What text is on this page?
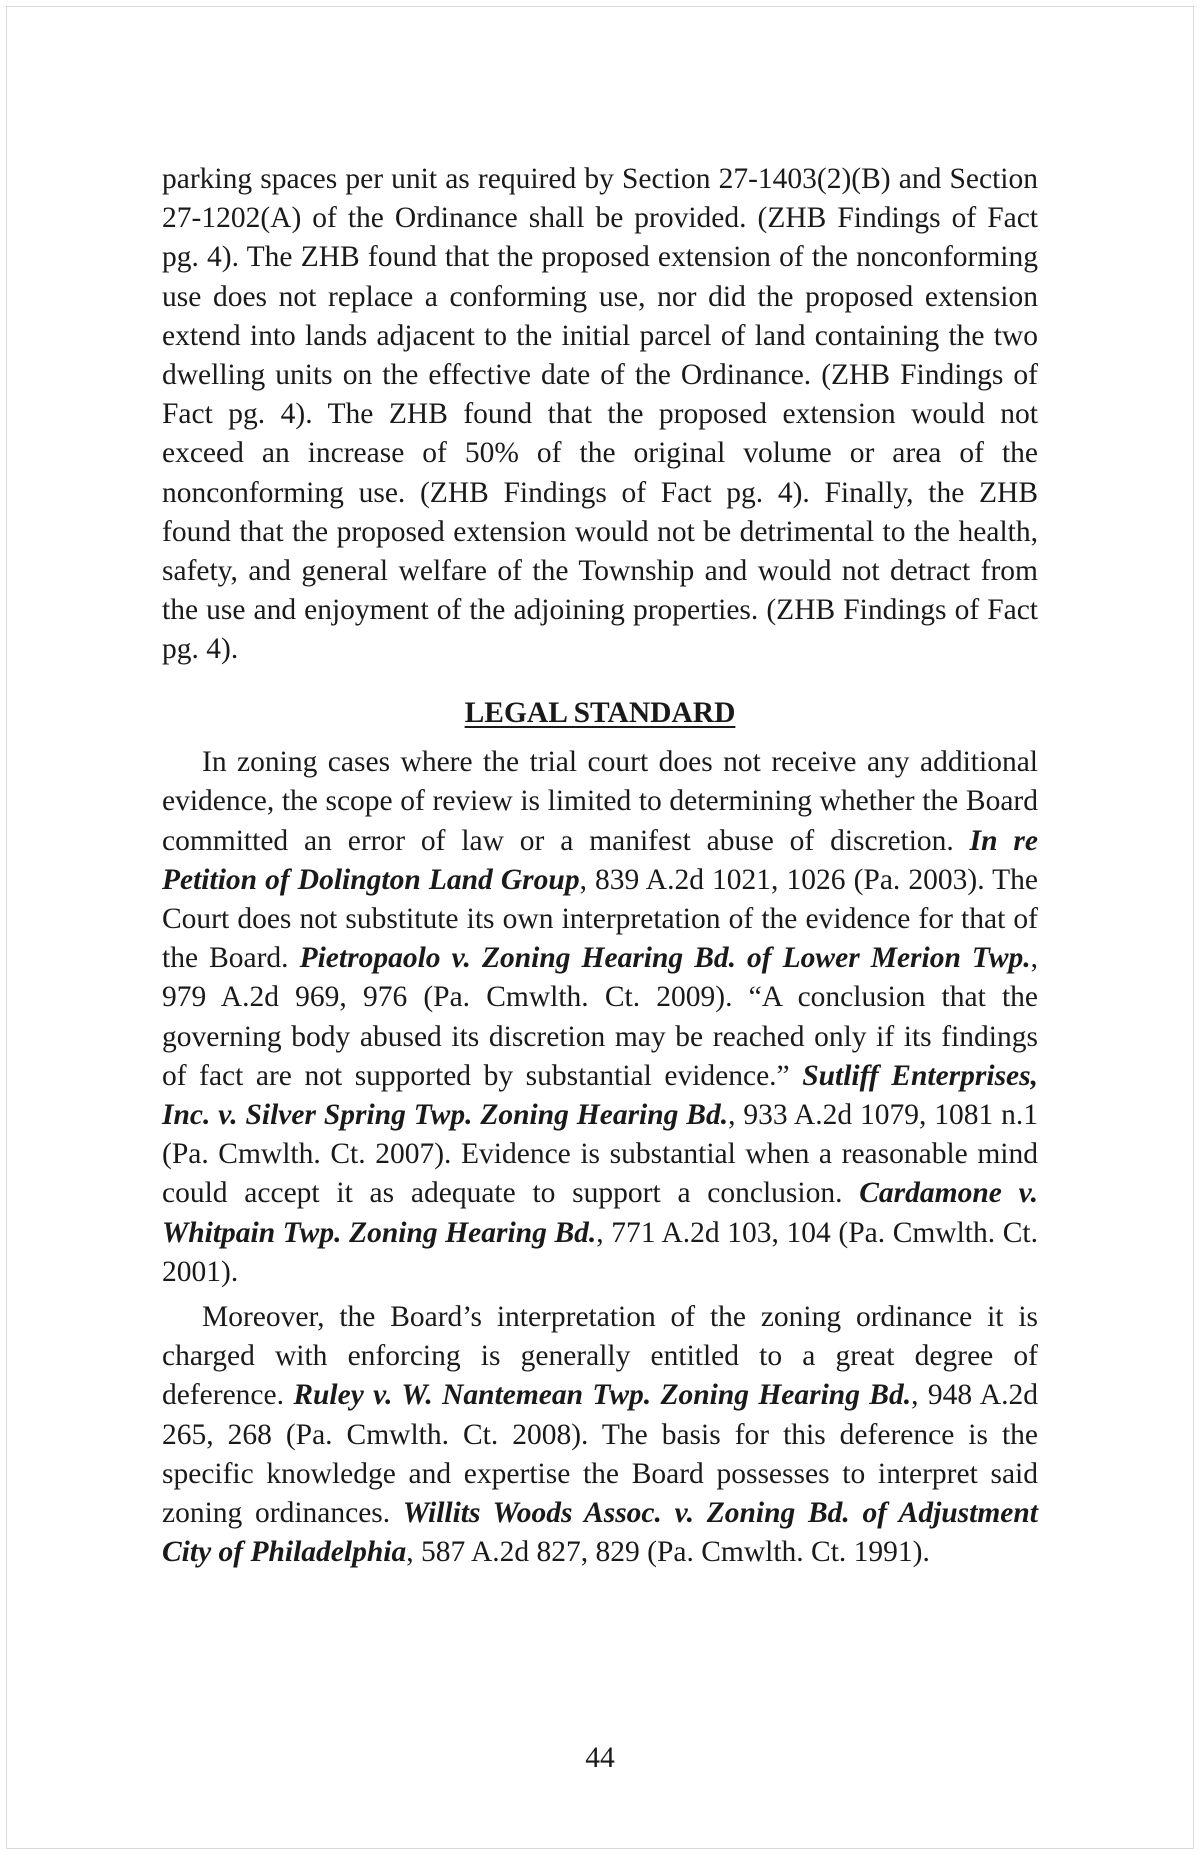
parking spaces per unit as required by Section 27-1403(2)(B) and Section 27-1202(A) of the Ordinance shall be provided. (ZHB Findings of Fact pg. 4). The ZHB found that the proposed extension of the nonconforming use does not replace a conforming use, nor did the proposed extension extend into lands adjacent to the initial parcel of land containing the two dwelling units on the effective date of the Ordinance. (ZHB Findings of Fact pg. 4). The ZHB found that the proposed extension would not exceed an increase of 50% of the original volume or area of the nonconforming use. (ZHB Findings of Fact pg. 4). Finally, the ZHB found that the proposed extension would not be detrimental to the health, safety, and general welfare of the Township and would not detract from the use and enjoyment of the adjoining properties. (ZHB Findings of Fact pg. 4).

LEGAL STANDARD

In zoning cases where the trial court does not receive any additional evidence, the scope of review is limited to determining whether the Board committed an error of law or a manifest abuse of discretion. In re Petition of Dolington Land Group, 839 A.2d 1021, 1026 (Pa. 2003). The Court does not substitute its own interpretation of the evidence for that of the Board. Pietropaolo v. Zoning Hearing Bd. of Lower Merion Twp., 979 A.2d 969, 976 (Pa. Cmwlth. Ct. 2009). “A conclusion that the governing body abused its discretion may be reached only if its findings of fact are not supported by substantial evidence.” Sutliff Enterprises, Inc. v. Silver Spring Twp. Zoning Hearing Bd., 933 A.2d 1079, 1081 n.1 (Pa. Cmwlth. Ct. 2007). Evidence is substantial when a reasonable mind could accept it as adequate to support a conclusion. Cardamone v. Whitpain Twp. Zoning Hearing Bd., 771 A.2d 103, 104 (Pa. Cmwlth. Ct. 2001).

Moreover, the Board’s interpretation of the zoning ordinance it is charged with enforcing is generally entitled to a great degree of deference. Ruley v. W. Nantemean Twp. Zoning Hearing Bd., 948 A.2d 265, 268 (Pa. Cmwlth. Ct. 2008). The basis for this deference is the specific knowledge and expertise the Board possesses to interpret said zoning ordinances. Willits Woods Assoc. v. Zoning Bd. of Adjustment City of Philadelphia, 587 A.2d 827, 829 (Pa. Cmwlth. Ct. 1991).

44
